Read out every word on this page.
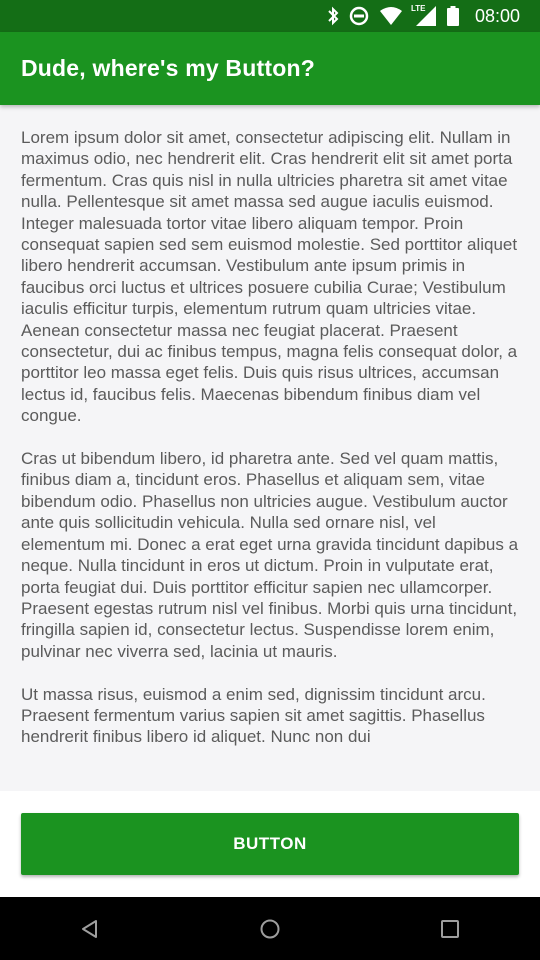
LTE	08:00
Dude, where's my Button?

Lorem ipsum dolor sit amet, consectetur adipiscing elit. Nullam in maximus odio, nec hendrerit elit. Cras hendrerit elit sit amet porta fermentum. Cras quis nisl in nulla ultricies pharetra sit amet vitae nulla. Pellentesque sit amet massa sed augue iaculis euismod. Integer malesuada tortor vitae libero aliquam tempor. Proin consequat sapien sed sem euismod molestie. Sed porttitor aliquet libero hendrerit accumsan. Vestibulum ante ipsum primis in faucibus orci luctus et ultrices posuere cubilia Curae; Vestibulum iaculis efficitur turpis, elementum rutrum quam ultricies vitae. Aenean consectetur massa nec feugiat placerat. Praesent consectetur, dui ac finibus tempus, magna felis consequat dolor, a porttitor leo massa eget felis. Duis quis risus ultrices, accumsan lectus id, faucibus felis. Maecenas bibendum finibus diam vel congue.

Cras ut bibendum libero, id pharetra ante. Sed vel quam mattis, finibus diam a, tincidunt eros. Phasellus et aliquam sem, vitae bibendum odio. Phasellus non ultricies augue. Vestibulum auctor ante quis sollicitudin vehicula. Nulla sed ornare nisl, vel elementum mi. Donec a erat eget urna gravida tincidunt dapibus a neque. Nulla tincidunt in eros ut dictum. Proin in vulputate erat, porta feugiat dui. Duis porttitor efficitur sapien nec ullamcorper. Praesent egestas rutrum nisl vel finibus. Morbi quis urna tincidunt, fringilla sapien id, consectetur lectus. Suspendisse lorem enim, pulvinar nec viverra sed, lacinia ut mauris.

Ut massa risus, euismod a enim sed, dignissim tincidunt arcu. Praesent fermentum varius sapien sit amet sagittis. Phasellus hendrerit finibus libero id aliquet. Nunc non dui

BUTTON
